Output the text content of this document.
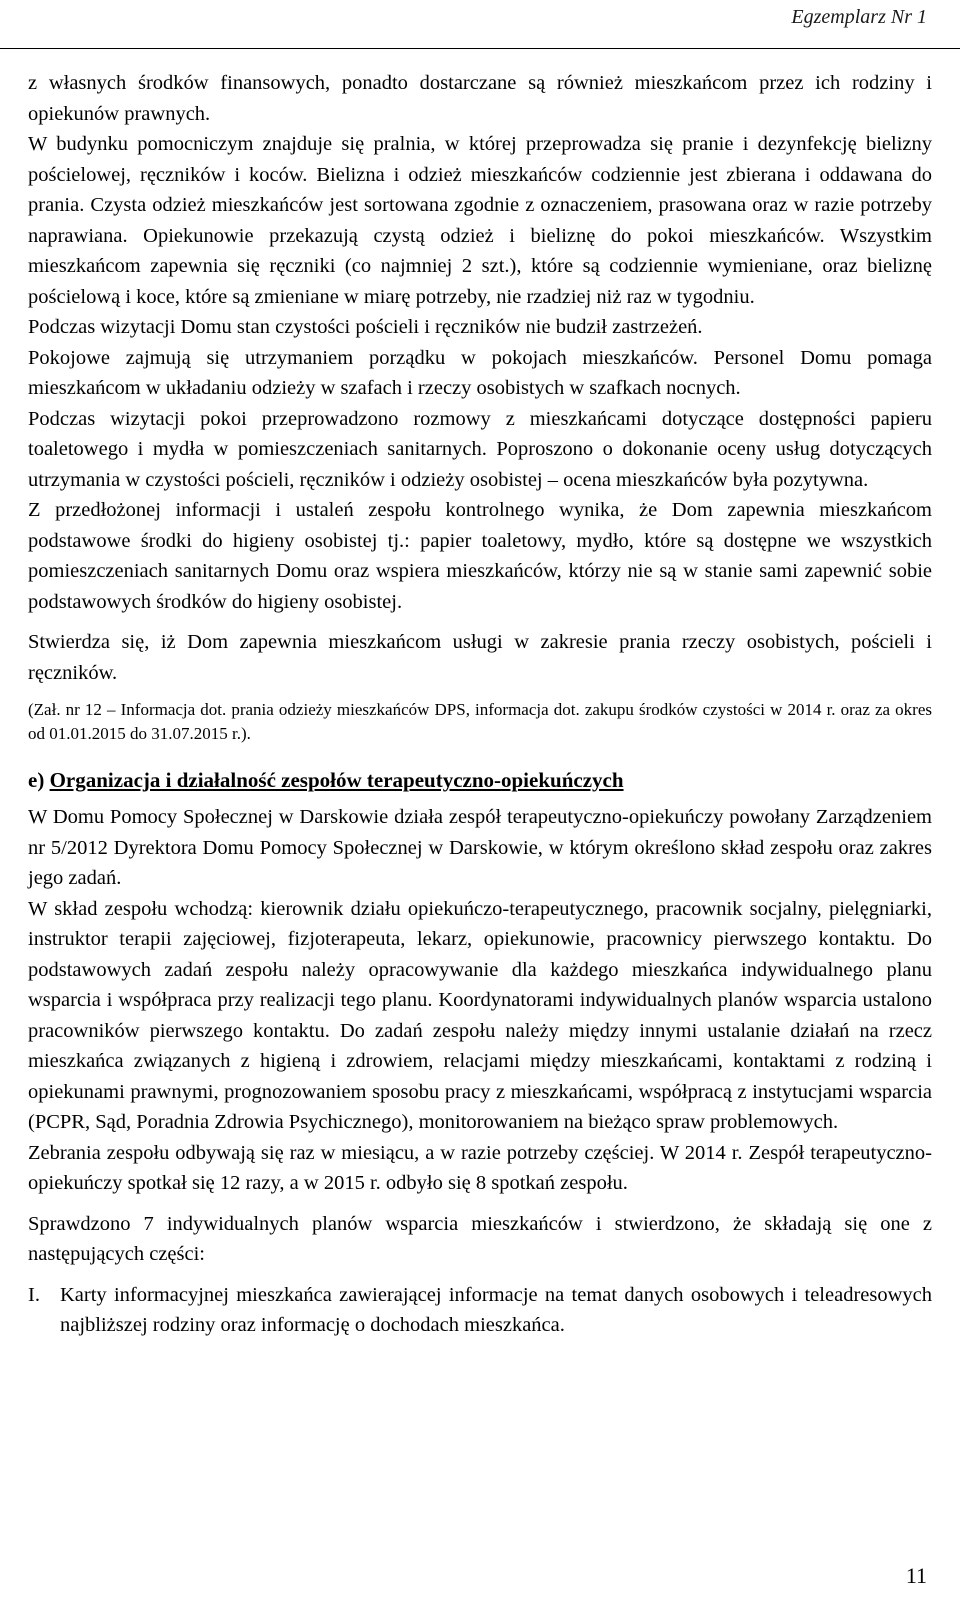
Egzemplarz Nr 1

z własnych środków finansowych, ponadto dostarczane są również mieszkańcom przez ich rodziny i opiekunów prawnych.

W budynku pomocniczym znajduje się pralnia, w której przeprowadza się pranie i dezynfekcję bielizny pościelowej, ręczników i koców. Bielizna i odzież mieszkańców codziennie jest zbierana i oddawana do prania. Czysta odzież mieszkańców jest sortowana zgodnie z oznaczeniem, prasowana oraz w razie potrzeby naprawiana. Opiekunowie przekazują czystą odzież i bieliznę do pokoi mieszkańców. Wszystkim mieszkańcom zapewnia się ręczniki (co najmniej 2 szt.), które są codziennie wymieniane, oraz bieliznę pościelową i koce, które są zmieniane w miarę potrzeby, nie rzadziej niż raz w tygodniu.

Podczas wizytacji Domu stan czystości pościeli i ręczników nie budził zastrzeżeń.

Pokojowe zajmują się utrzymaniem porządku w pokojach mieszkańców. Personel Domu pomaga mieszkańcom w układaniu odzieży w szafach i rzeczy osobistych w szafkach nocnych.

Podczas wizytacji pokoi przeprowadzono rozmowy z mieszkańcami dotyczące dostępności papieru toaletowego i mydła w pomieszczeniach sanitarnych. Poproszono o dokonanie oceny usług dotyczących utrzymania w czystości pościeli, ręczników i odzieży osobistej – ocena mieszkańców była pozytywna.

Z przedłożonej informacji i ustaleń zespołu kontrolnego wynika, że Dom zapewnia mieszkańcom podstawowe środki do higieny osobistej tj.: papier toaletowy, mydło, które są dostępne we wszystkich pomieszczeniach sanitarnych Domu oraz wspiera mieszkańców, którzy nie są w stanie sami zapewnić sobie podstawowych środków do higieny osobistej.

Stwierdza się, iż Dom zapewnia mieszkańcom usługi w zakresie prania rzeczy osobistych, pościeli i ręczników.

(Zał. nr 12 – Informacja dot. prania odzieży mieszkańców DPS, informacja dot. zakupu środków czystości w 2014 r. oraz za okres od 01.01.2015 do 31.07.2015 r.).

e) Organizacja i działalność zespołów terapeutyczno-opiekuńczych

W Domu Pomocy Społecznej w Darskowie działa zespół terapeutyczno-opiekuńczy powołany Zarządzeniem nr 5/2012 Dyrektora Domu Pomocy Społecznej w Darskowie, w którym określono skład zespołu oraz zakres jego zadań.

W skład zespołu wchodzą: kierownik działu opiekuńczo-terapeutycznego, pracownik socjalny, pielęgniarki, instruktor terapii zajęciowej, fizjoterapeuta, lekarz, opiekunowie, pracownicy pierwszego kontaktu. Do podstawowych zadań zespołu należy opracowywanie dla każdego mieszkańca indywidualnego planu wsparcia i współpraca przy realizacji tego planu. Koordynatorami indywidualnych planów wsparcia ustalono pracowników pierwszego kontaktu. Do zadań zespołu należy między innymi ustalanie działań na rzecz mieszkańca związanych z higieną i zdrowiem, relacjami między mieszkańcami, kontaktami z rodziną i opiekunami prawnymi, prognozowaniem sposobu pracy z mieszkańcami, współpracą z instytucjami wsparcia (PCPR, Sąd, Poradnia Zdrowia Psychicznego), monitorowaniem na bieżąco spraw problemowych.

Zebrania zespołu odbywają się raz w miesiącu, a w razie potrzeby częściej. W 2014 r. Zespół terapeutyczno-opiekuńczy spotkał się 12 razy, a w 2015 r. odbyło się 8 spotkań zespołu.

Sprawdzono 7 indywidualnych planów wsparcia mieszkańców i stwierdzono, że składają się one z następujących części:

I. Karty informacyjnej mieszkańca zawierającej informacje na temat danych osobowych i teleadresowych najbliższej rodziny oraz informację o dochodach mieszkańca.
11
